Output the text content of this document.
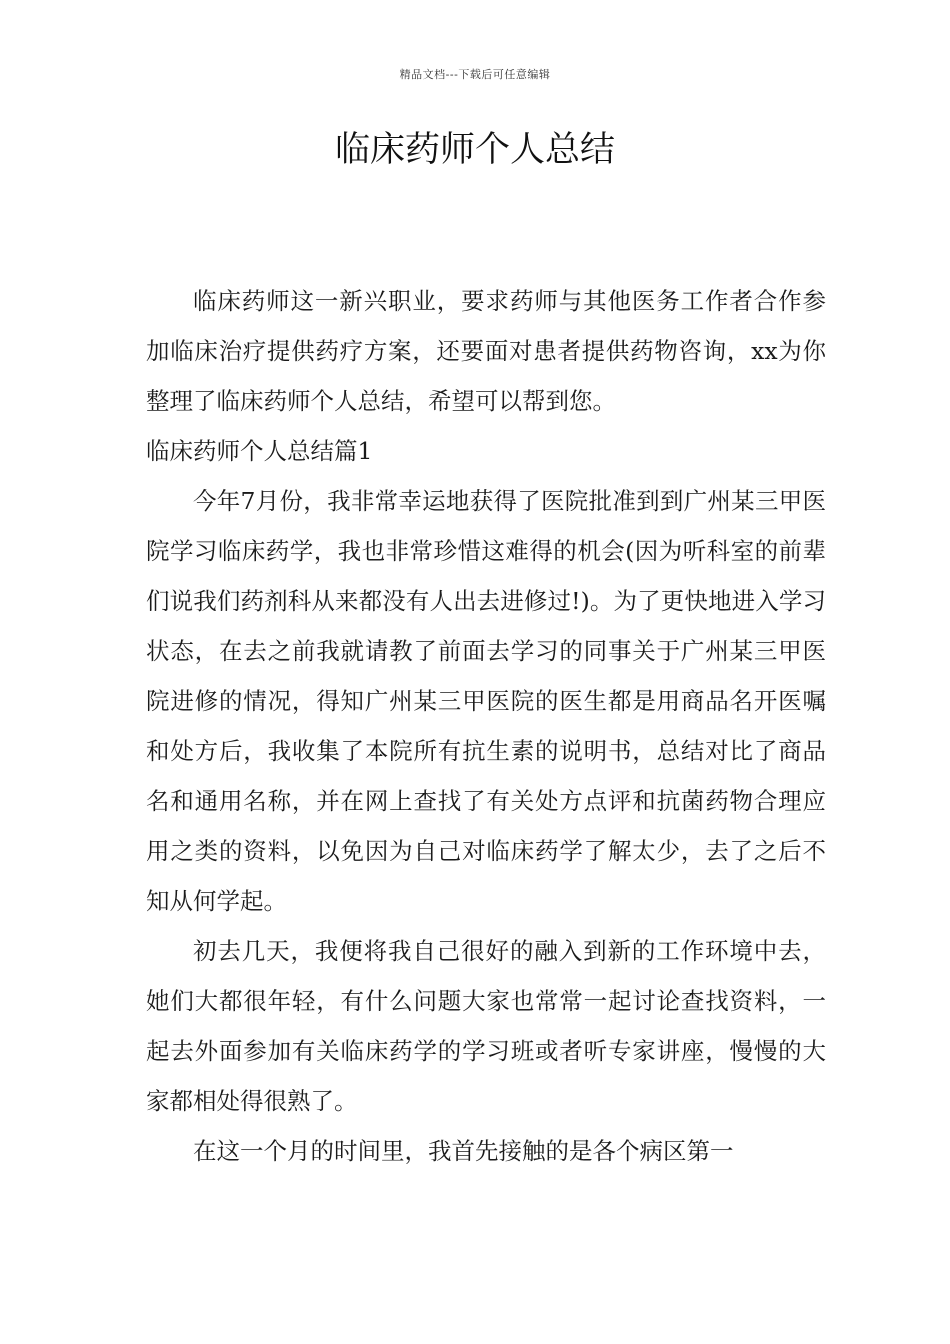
精品文档---下载后可任意编辑
临床药师个人总结

临床药师这一新兴职业，要求药师与其他医务工作者合作参加临床治疗提供药疗方案，还要面对患者提供药物咨询，xx为你整理了临床药师个人总结，希望可以帮到您。

临床药师个人总结篇1

今年7月份，我非常幸运地获得了医院批准到到广州某三甲医院学习临床药学，我也非常珍惜这难得的机会(因为听科室的前辈们说我们药剂科从来都没有人出去进修过!)。为了更快地进入学习状态，在去之前我就请教了前面去学习的同事关于广州某三甲医院进修的情况，得知广州某三甲医院的医生都是用商品名开医嘱和处方后，我收集了本院所有抗生素的说明书，总结对比了商品名和通用名称，并在网上查找了有关处方点评和抗菌药物合理应用之类的资料，以免因为自己对临床药学了解太少，去了之后不知从何学起。

初去几天，我便将我自己很好的融入到新的工作环境中去，她们大都很年轻，有什么问题大家也常常一起讨论查找资料，一起去外面参加有关临床药学的学习班或者听专家讲座，慢慢的大家都相处得很熟了。

在这一个月的时间里，我首先接触的是各个病区第一
